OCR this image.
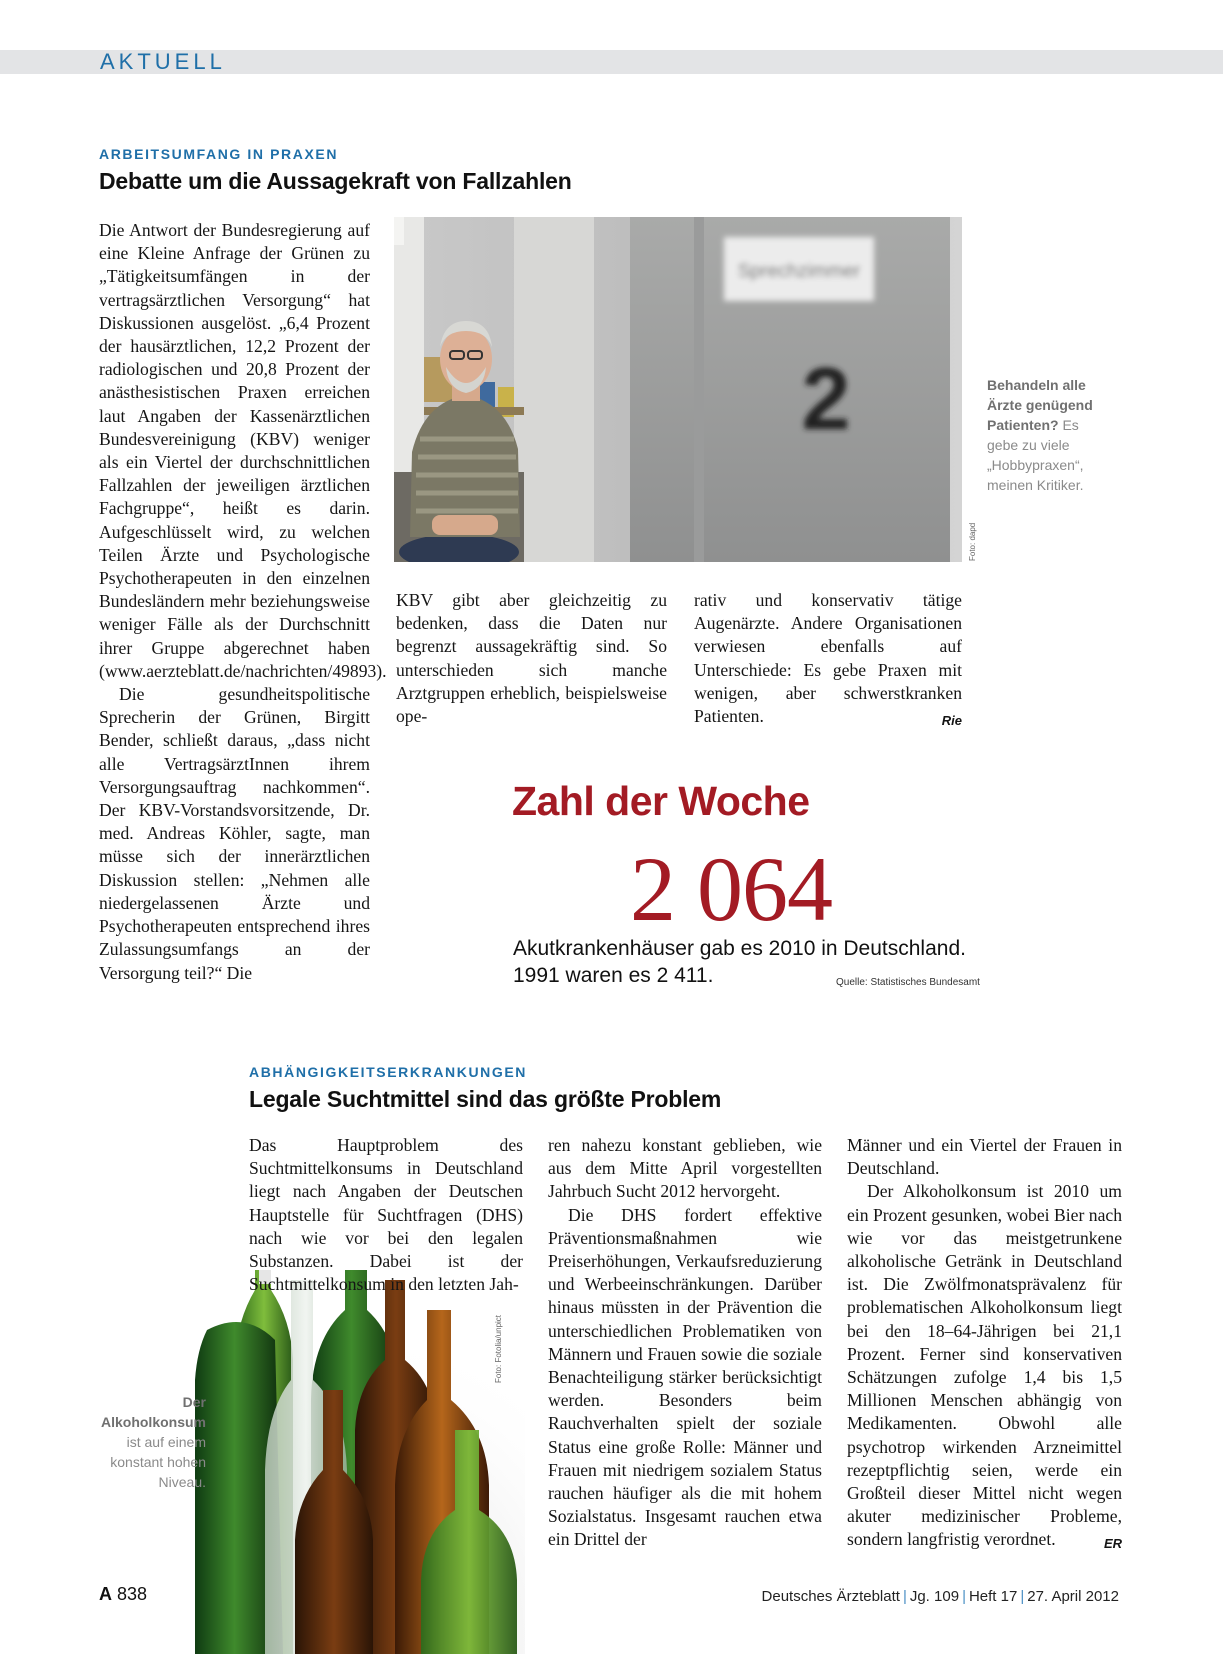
AKTUELL
ARBEITSUMFANG IN PRAXEN
Debatte um die Aussagekraft von Fallzahlen

Die Antwort der Bundesregierung auf eine Kleine Anfrage der Grünen zu „Tätigkeitsumfängen in der vertragsärztlichen Versorgung“ hat Diskussionen ausgelöst. „6,4 Prozent der hausärztlichen, 12,2 Prozent der radiologischen und 20,8 Prozent der anästhesistischen Praxen erreichen laut Angaben der Kassenärztlichen Bundesvereinigung (KBV) weniger als ein Viertel der durchschnittlichen Fallzahlen der jeweiligen ärztlichen Fachgruppe“, heißt es darin. Aufgeschlüsselt wird, zu welchen Teilen Ärzte und Psychologische Psychotherapeuten in den einzelnen Bundesländern mehr beziehungsweise weniger Fälle als der Durchschnitt ihrer Gruppe abgerechnet haben (www.aerzteblatt.de/nachrichten/49893).

Die gesundheitspolitische Sprecherin der Grünen, Birgitt Bender, schließt daraus, „dass nicht alle VertragsärztInnen ihrem Versorgungsauftrag nachkommen“. Der KBV-Vorstandsvorsitzende, Dr. med. Andreas Köhler, sagte, man müsse sich der innerärztlichen Diskussion stellen: „Nehmen alle niedergelassenen Ärzte und Psychotherapeuten entsprechend ihres Zulassungsumfangs an der Versorgung teil?“ Die

Sprechzimmer
2
Foto: dapd
Behandeln alle Ärzte genügend Patienten? Es gebe zu viele „Hobbypraxen“, meinen Kritiker.

KBV gibt aber gleichzeitig zu bedenken, dass die Daten nur begrenzt aussagekräftig sind. So unterschieden sich manche Arztgruppen erheblich, beispielsweise ope-

rativ und konservativ tätige Augenärzte. Andere Organisationen verwiesen ebenfalls auf Unterschiede: Es gebe Praxen mit wenigen, aber schwerstkranken Patienten.	Rie

Zahl der Woche
2 064
Akutkrankenhäuser gab es 2010 in Deutschland.
1991 waren es 2 411.	Quelle: Statistisches Bundesamt
ABHÄNGIGKEITSERKRANKUNGEN
Legale Suchtmittel sind das größte Problem
Foto: Fotolia/unpict
Der Alkoholkonsum ist auf einem konstant hohen Niveau.

Das Hauptproblem des Suchtmittelkonsums in Deutschland liegt nach Angaben der Deutschen Hauptstelle für Suchtfragen (DHS) nach wie vor bei den legalen Substanzen. Dabei ist der Suchtmittelkonsum in den letzten Jah-

ren nahezu konstant geblieben, wie aus dem Mitte April vorgestellten Jahrbuch Sucht 2012 hervorgeht.

Die DHS fordert effektive Präventionsmaßnahmen wie Preiserhöhungen, Verkaufsreduzierung und Werbeeinschränkungen. Darüber hinaus müssten in der Prävention die unterschiedlichen Problematiken von Männern und Frauen sowie die soziale Benachteiligung stärker berücksichtigt werden. Besonders beim Rauchverhalten spielt der soziale Status eine große Rolle: Männer und Frauen mit niedrigem sozialem Status rauchen häufiger als die mit hohem Sozialstatus. Insgesamt rauchen etwa ein Drittel der

Männer und ein Viertel der Frauen in Deutschland.

Der Alkoholkonsum ist 2010 um ein Prozent gesunken, wobei Bier nach wie vor das meistgetrunkene alkoholische Getränk in Deutschland ist. Die Zwölfmonatsprävalenz für problematischen Alkoholkonsum liegt bei den 18–64-Jährigen bei 21,1 Prozent. Ferner sind konservativen Schätzungen zufolge 1,4 bis 1,5 Millionen Menschen abhängig von Medikamenten. Obwohl alle psychotrop wirkenden Arzneimittel rezeptpflichtig seien, werde ein Großteil dieser Mittel nicht wegen akuter medizinischer Probleme, sondern langfristig verordnet.	ER

A 838	Deutsches Ärzteblatt | Jg. 109 | Heft 17 | 27. April 2012
